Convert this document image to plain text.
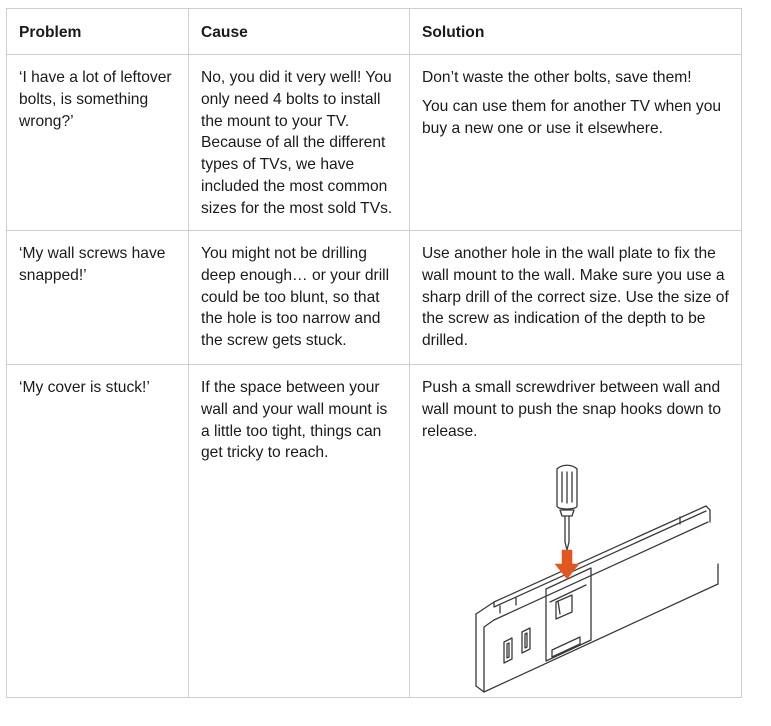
Problem	Cause	Solution
‘I have a lot of leftover bolts, is something wrong?’	No, you did it very well! You only need 4 bolts to install the mount to your TV. Because of all the different types of TVs, we have included the most common sizes for the most sold TVs.	Don’t waste the other bolts, save them!

You can use them for another TV when you buy a new one or use it elsewhere.

‘My wall screws have snapped!’	You might not be drilling deep enough… or your drill could be too blunt, so that the hole is too narrow and the screw gets stuck.	Use another hole in the wall plate to fix the wall mount to the wall. Make sure you use a sharp drill of the correct size. Use the size of the screw as indication of the depth to be drilled.

‘My cover is stuck!’	If the space between your wall and your wall mount is a little too tight, things can get tricky to reach.	Push a small screwdriver between wall and wall mount to push the snap hooks down to release.
